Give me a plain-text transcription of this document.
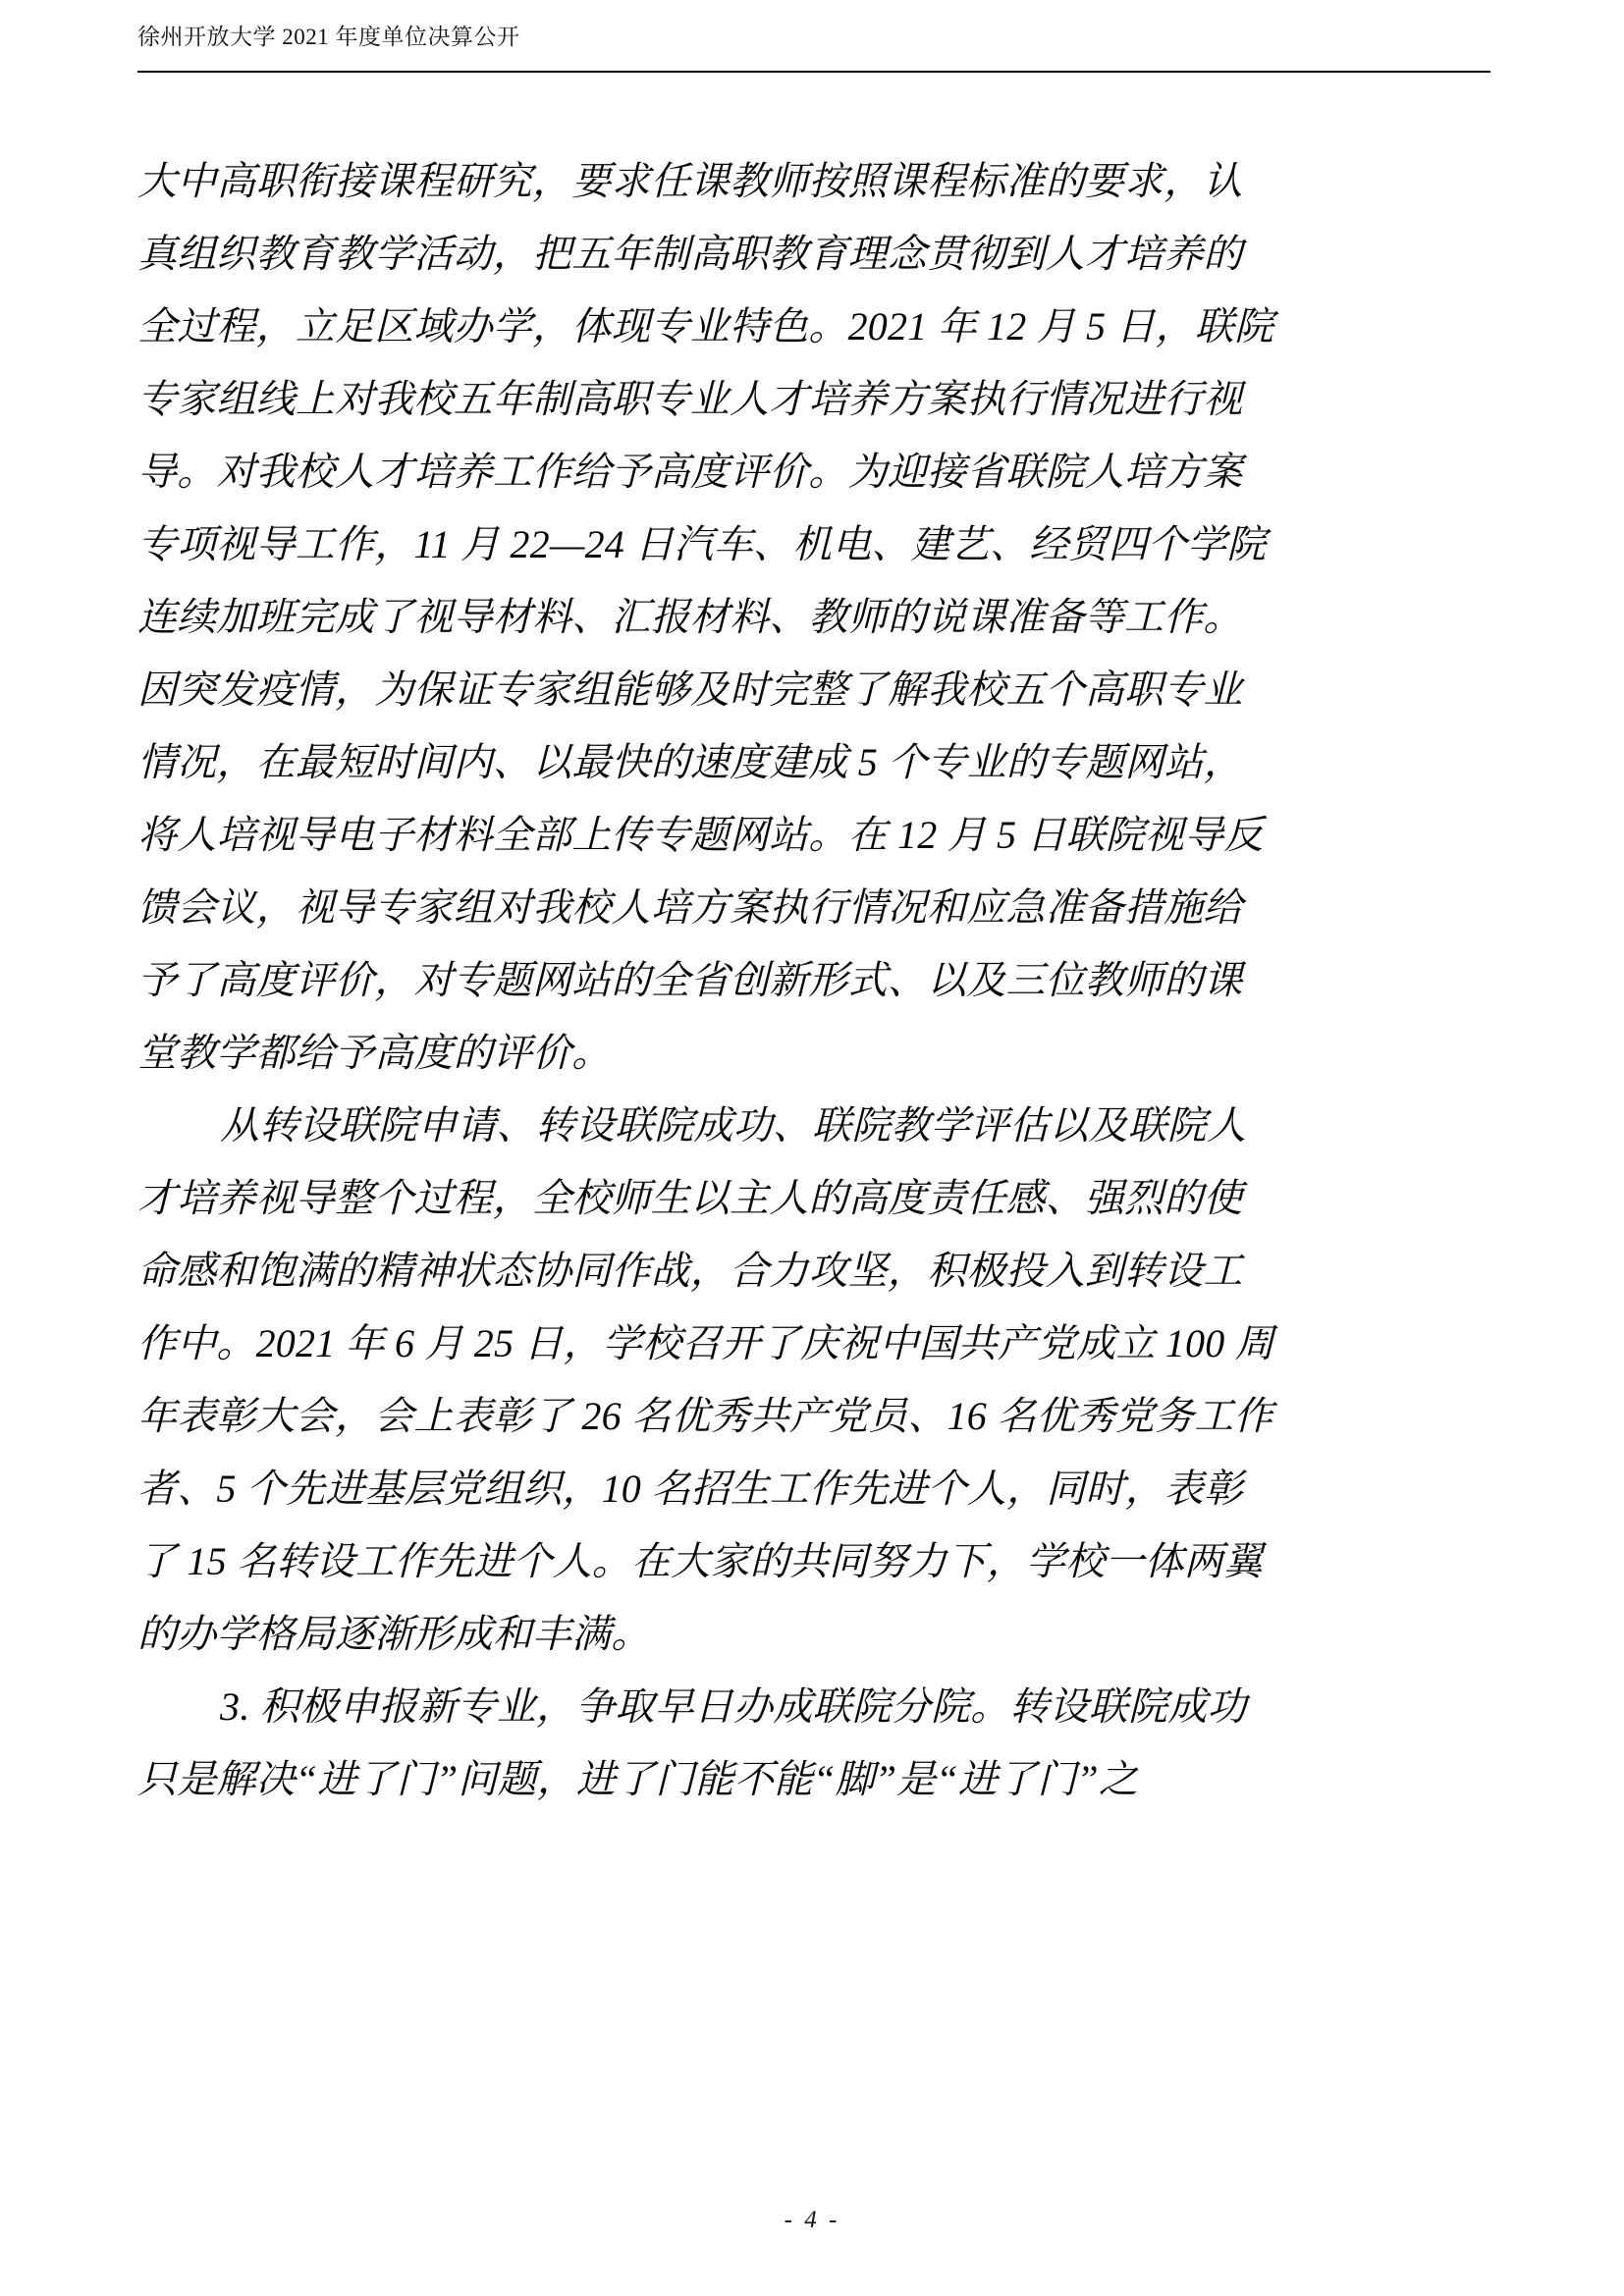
徐州开放大学 2021 年度单位决算公开
大中高职衔接课程研究，要求任课教师按照课程标准的要求，认
真组织教育教学活动，把五年制高职教育理念贯彻到人才培养的
全过程，立足区域办学，体现专业特色。2021 年 12 月 5 日，联院
专家组线上对我校五年制高职专业人才培养方案执行情况进行视
导。对我校人才培养工作给予高度评价。为迎接省联院人培方案
专项视导工作，11 月 22—24 日汽车、机电、建艺、经贸四个学院
连续加班完成了视导材料、汇报材料、教师的说课准备等工作。
因突发疫情，为保证专家组能够及时完整了解我校五个高职专业
情况，在最短时间内、以最快的速度建成 5 个专业的专题网站，
将人培视导电子材料全部上传专题网站。在 12 月 5 日联院视导反
馈会议，视导专家组对我校人培方案执行情况和应急准备措施给
予了高度评价，对专题网站的全省创新形式、以及三位教师的课
堂教学都给予高度的评价。
从转设联院申请、转设联院成功、联院教学评估以及联院人
才培养视导整个过程，全校师生以主人的高度责任感、强烈的使
命感和饱满的精神状态协同作战，合力攻坚，积极投入到转设工
作中。2021 年 6 月 25 日，学校召开了庆祝中国共产党成立 100 周
年表彰大会，会上表彰了 26 名优秀共产党员、16 名优秀党务工作
者、5 个先进基层党组织，10 名招生工作先进个人，同时，表彰
了 15 名转设工作先进个人。在大家的共同努力下，学校一体两翼
的办学格局逐渐形成和丰满。
3. 积极申报新专业，争取早日办成联院分院。转设联院成功
只是解决“进了门”问题，进了门能不能“脚”是“进了门”之
- 4 -
